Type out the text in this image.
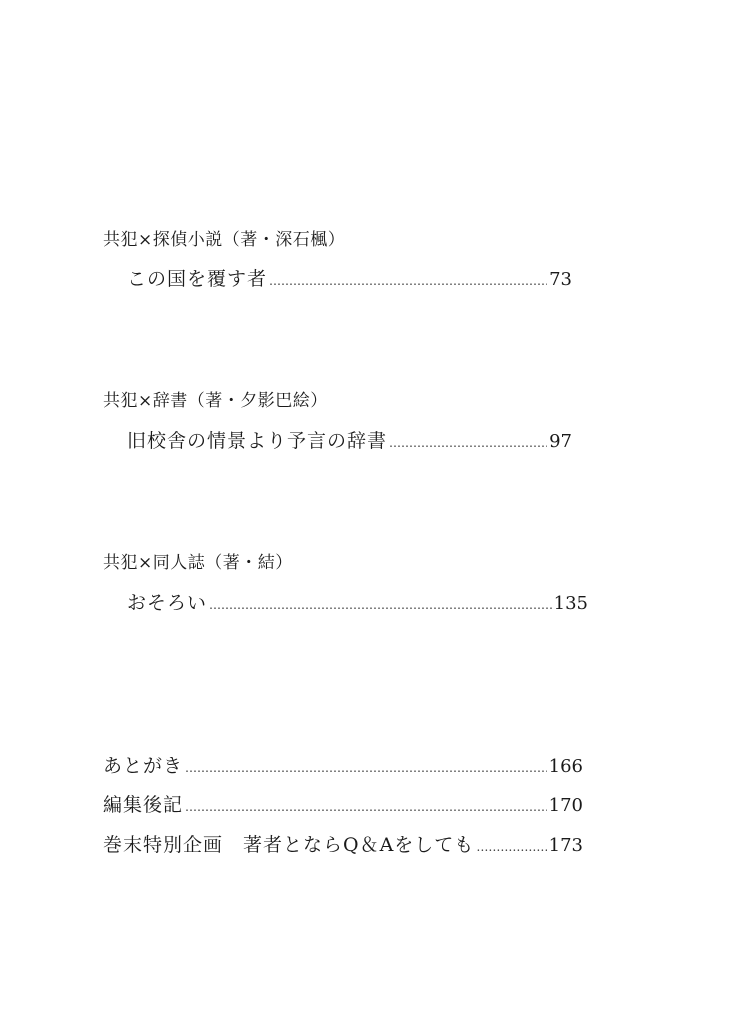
共犯×探偵小説（著・深石楓）
この国を覆す者 …………………………………………………………………………………………………………………………………	73
共犯×辞書（著・夕影巴絵）
旧校舎の情景より予言の辞書 …………………………………………………………………………………………………………………………………	97
共犯×同人誌（著・結）
おそろい …………………………………………………………………………………………………………………………………	135
あとがき …………………………………………………………………………………………………………………………………	166
編集後記 …………………………………………………………………………………………………………………………………	170
巻末特別企画　著者とならQ＆Aをしても …………………………………………………………………………………………………………………………………	173
